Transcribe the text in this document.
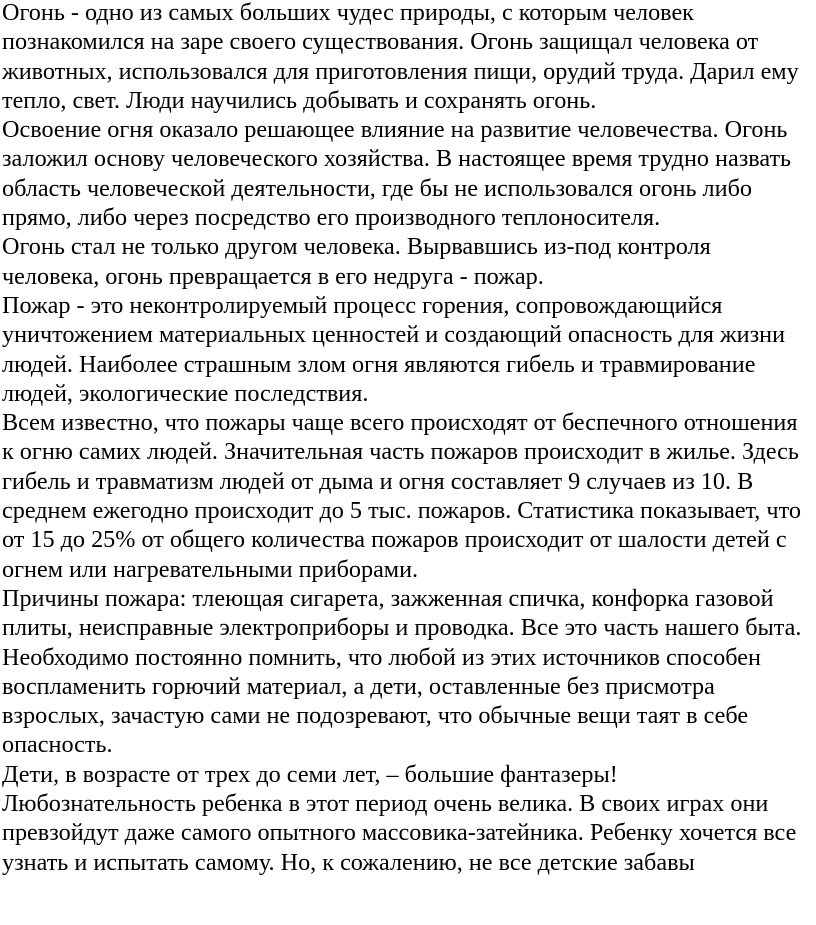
Огонь - одно из самых больших чудес природы, с которым человек
познакомился на заре своего существования. Огонь защищал человека от
животных, использовался для приготовления пищи, орудий труда. Дарил ему
тепло, свет. Люди научились добывать и сохранять огонь.
Освоение огня оказало решающее влияние на развитие человечества. Огонь
заложил основу человеческого хозяйства. В настоящее время трудно назвать
область человеческой деятельности, где бы не использовался огонь либо
прямо, либо через посредство его производного теплоносителя.
Огонь стал не только другом человека. Вырвавшись из-под контроля
человека, огонь превращается в его недруга - пожар.
Пожар - это неконтролируемый процесс горения, сопровождающийся
уничтожением материальных ценностей и создающий опасность для жизни
людей. Наиболее страшным злом огня являются гибель и травмирование
людей, экологические последствия.
Всем известно, что пожары чаще всего происходят от беспечного отношения
к огню самих людей. Значительная часть пожаров происходит в жилье. Здесь
гибель и травматизм людей от дыма и огня составляет 9 случаев из 10. В
среднем ежегодно происходит до 5 тыс. пожаров. Статистика показывает, что
от 15 до 25% от общего количества пожаров происходит от шалости детей с
огнем или нагревательными приборами.
Причины пожара: тлеющая сигарета, зажженная спичка, конфорка газовой
плиты, неисправные электроприборы и проводка. Все это часть нашего быта.
Необходимо постоянно помнить, что любой из этих источников способен
воспламенить горючий материал, а дети, оставленные без присмотра
взрослых, зачастую сами не подозревают, что обычные вещи таят в себе
опасность.
Дети, в возрасте от трех до семи лет, – большие фантазеры!
Любознательность ребенка в этот период очень велика. В своих играх они
превзойдут даже самого опытного массовика-затейника. Ребенку хочется все
узнать и испытать самому. Но, к сожалению, не все детские забавы
